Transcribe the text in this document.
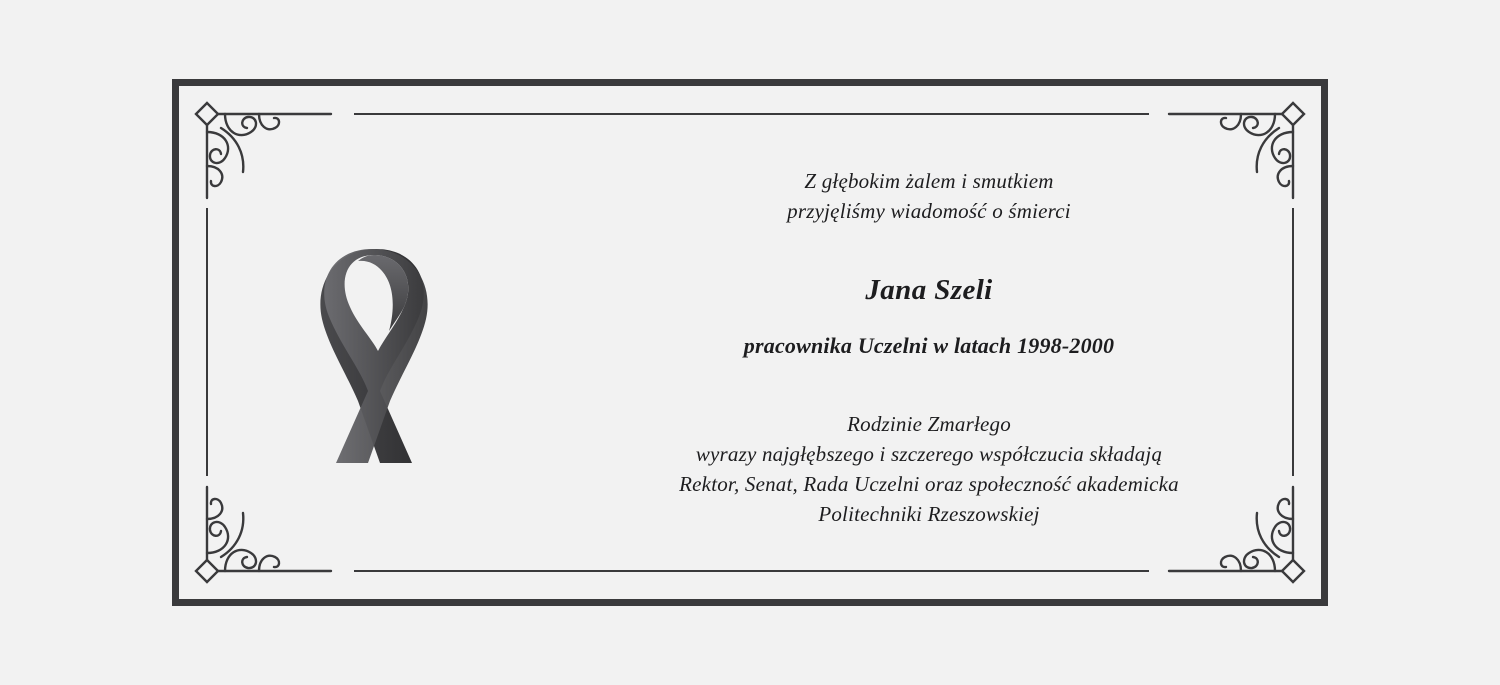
Z głębokim żalem i smutkiem
przyjęliśmy wiadomość o śmierci
Jana Szeli
pracownika Uczelni w latach 1998-2000
Rodzinie Zmarłego
wyrazy najgłębszego i szczerego współczucia składają
Rektor, Senat, Rada Uczelni oraz społeczność akademicka
Politechniki Rzeszowskiej
